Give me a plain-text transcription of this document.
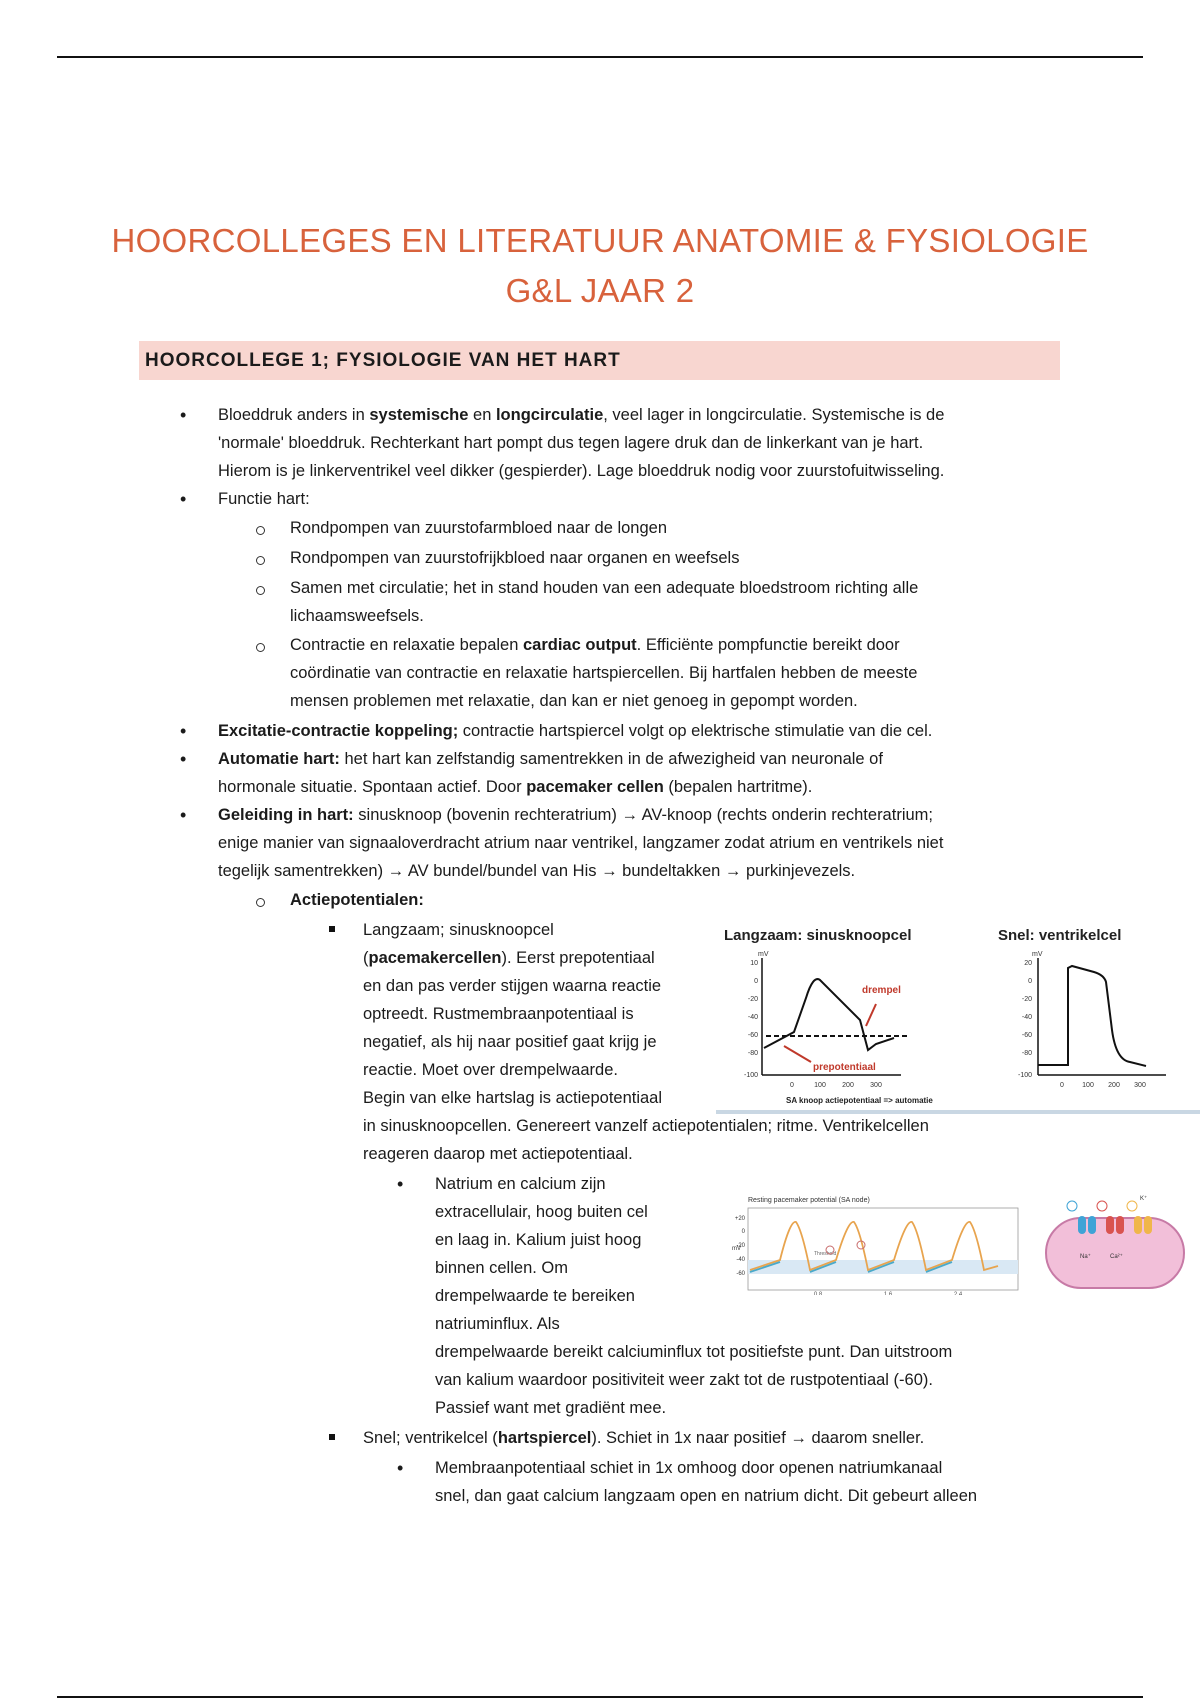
HOORCOLLEGES EN LITERATUUR ANATOMIE & FYSIOLOGIE
G&L JAAR 2
HOORCOLLEGE 1; FYSIOLOGIE VAN HET HART
• Bloeddruk anders in systemische en longcirculatie, veel lager in longcirculatie. Systemische is de
'normale' bloeddruk. Rechterkant hart pompt dus tegen lagere druk dan de linkerkant van je hart.
Hierom is je linkerventrikel veel dikker (gespierder). Lage bloeddruk nodig voor zuurstofuitwisseling.
• Functie hart:
Rondpompen van zuurstofarmbloed naar de longen
Rondpompen van zuurstofrijkbloed naar organen en weefsels
Samen met circulatie; het in stand houden van een adequate bloedstroom richting alle
lichaamsweefsels.
Contractie en relaxatie bepalen cardiac output. Efficiënte pompfunctie bereikt door
coördinatie van contractie en relaxatie hartspiercellen. Bij hartfalen hebben de meeste
mensen problemen met relaxatie, dan kan er niet genoeg in gepompt worden.
• Excitatie-contractie koppeling; contractie hartspiercel volgt op elektrische stimulatie van die cel.
• Automatie hart: het hart kan zelfstandig samentrekken in de afwezigheid van neuronale of
hormonale situatie. Spontaan actief. Door pacemaker cellen (bepalen hartritme).
• Geleiding in hart: sinusknoop (bovenin rechteratrium) → AV-knoop (rechts onderin rechteratrium;
enige manier van signaaloverdracht atrium naar ventrikel, langzamer zodat atrium en ventrikels niet
tegelijk samentrekken) → AV bundel/bundel van His → bundeltakken → purkinjevezels.
Actiepotentialen:
Langzaam; sinusknoopcel
(pacemakercellen). Eerst prepotentiaal
en dan pas verder stijgen waarna reactie
optreedt. Rustmembraanpotentiaal is
negatief, als hij naar positief gaat krijg je
reactie. Moet over drempelwaarde.
Begin van elke hartslag is actiepotentiaal
in sinusknoopcellen. Genereert vanzelf actiepotentialen; ritme. Ventrikelcellen
reageren daarop met actiepotentiaal.
• Natrium en calcium zijn
extracellulair, hoog buiten cel
en laag in. Kalium juist hoog
binnen cellen. Om
drempelwaarde te bereiken
natriuminflux. Als
drempelwaarde bereikt calciuminflux tot positiefste punt. Dan uitstroom
van kalium waardoor positiviteit weer zakt tot de rustpotentiaal (-60).
Passief want met gradiënt mee.
Snel; ventrikelcel (hartspiercel). Schiet in 1x naar positief → daarom sneller.
• Membraanpotentiaal schiet in 1x omhoog door openen natriumkanaal
snel, dan gaat calcium langzaam open en natrium dicht. Dit gebeurt alleen
Langzaam: sinusknoopcel	Snel: ventrikelcel
mV	mV
10
0
-20
-40
-60
-80
-100
0	100 200 300
drempel
prepotentiaal
SA knoop actiepotentiaal => automatie
20
0
-20
-40
-60
-80
-100
0	100 200 300
Resting pacemaker potential (SA node)
+20
0
-20
-40
-60
mV
0.8	1.6	2.4
Threshold
K⁺
Na⁺	Ca²⁺
